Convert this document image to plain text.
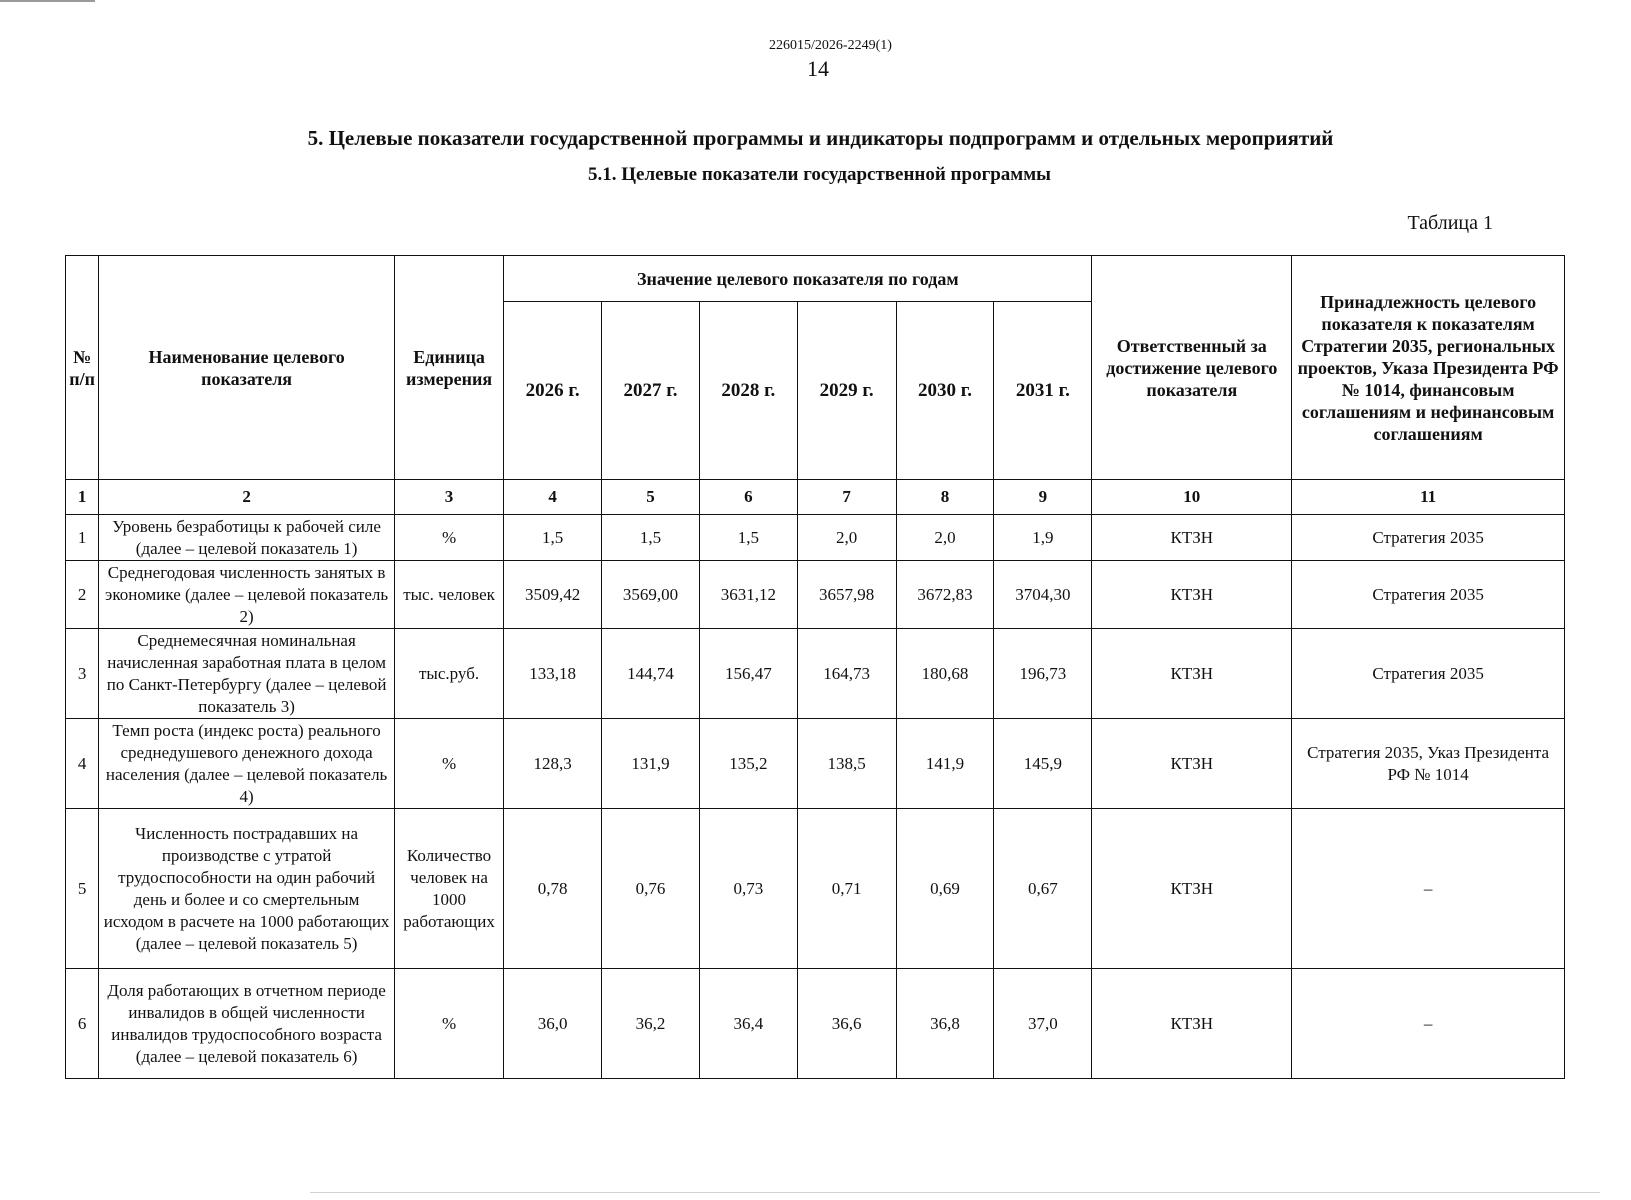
226015/2026-2249(1)
14
5. Целевые показатели государственной программы и индикаторы подпрограмм и отдельных мероприятий
5.1. Целевые показатели государственной программы
Таблица 1
№ п/п	Наименование целевого показателя	Единица измерения	Значение целевого показателя по годам						Ответственный за достижение целевого показателя	Принадлежность целевого показателя к показателям Стратегии 2035, региональных проектов, Указа Президента РФ № 1014, финансовым соглашениям и нефинансовым соглашениям
			2026 г.	2027 г.	2028 г.	2029 г.	2030 г.	2031 г.		
1	2	3	4	5	6	7	8	9	10	11
1	Уровень безработицы к рабочей силе (далее – целевой показатель 1)	%	1,5	1,5	1,5	2,0	2,0	1,9	КТЗН	Стратегия 2035
2	Среднегодовая численность занятых в экономике (далее – целевой показатель 2)	тыс. человек	3509,42	3569,00	3631,12	3657,98	3672,83	3704,30	КТЗН	Стратегия 2035
3	Среднемесячная номинальная начисленная заработная плата в целом по Санкт-Петербургу (далее – целевой показатель 3)	тыс.руб.	133,18	144,74	156,47	164,73	180,68	196,73	КТЗН	Стратегия 2035
4	Темп роста (индекс роста) реального среднедушевого денежного дохода населения (далее – целевой показатель 4)	%	128,3	131,9	135,2	138,5	141,9	145,9	КТЗН	Стратегия 2035, Указ Президента РФ № 1014
5	Численность пострадавших на производстве с утратой трудоспособности на один рабочий день и более и со смертельным исходом в расчете на 1000 работающих (далее – целевой показатель 5)	Количество человек на 1000 работающих	0,78	0,76	0,73	0,71	0,69	0,67	КТЗН	–
6	Доля работающих в отчетном периоде инвалидов в общей численности инвалидов трудоспособного возраста (далее – целевой показатель 6)	%	36,0	36,2	36,4	36,6	36,8	37,0	КТЗН	–
